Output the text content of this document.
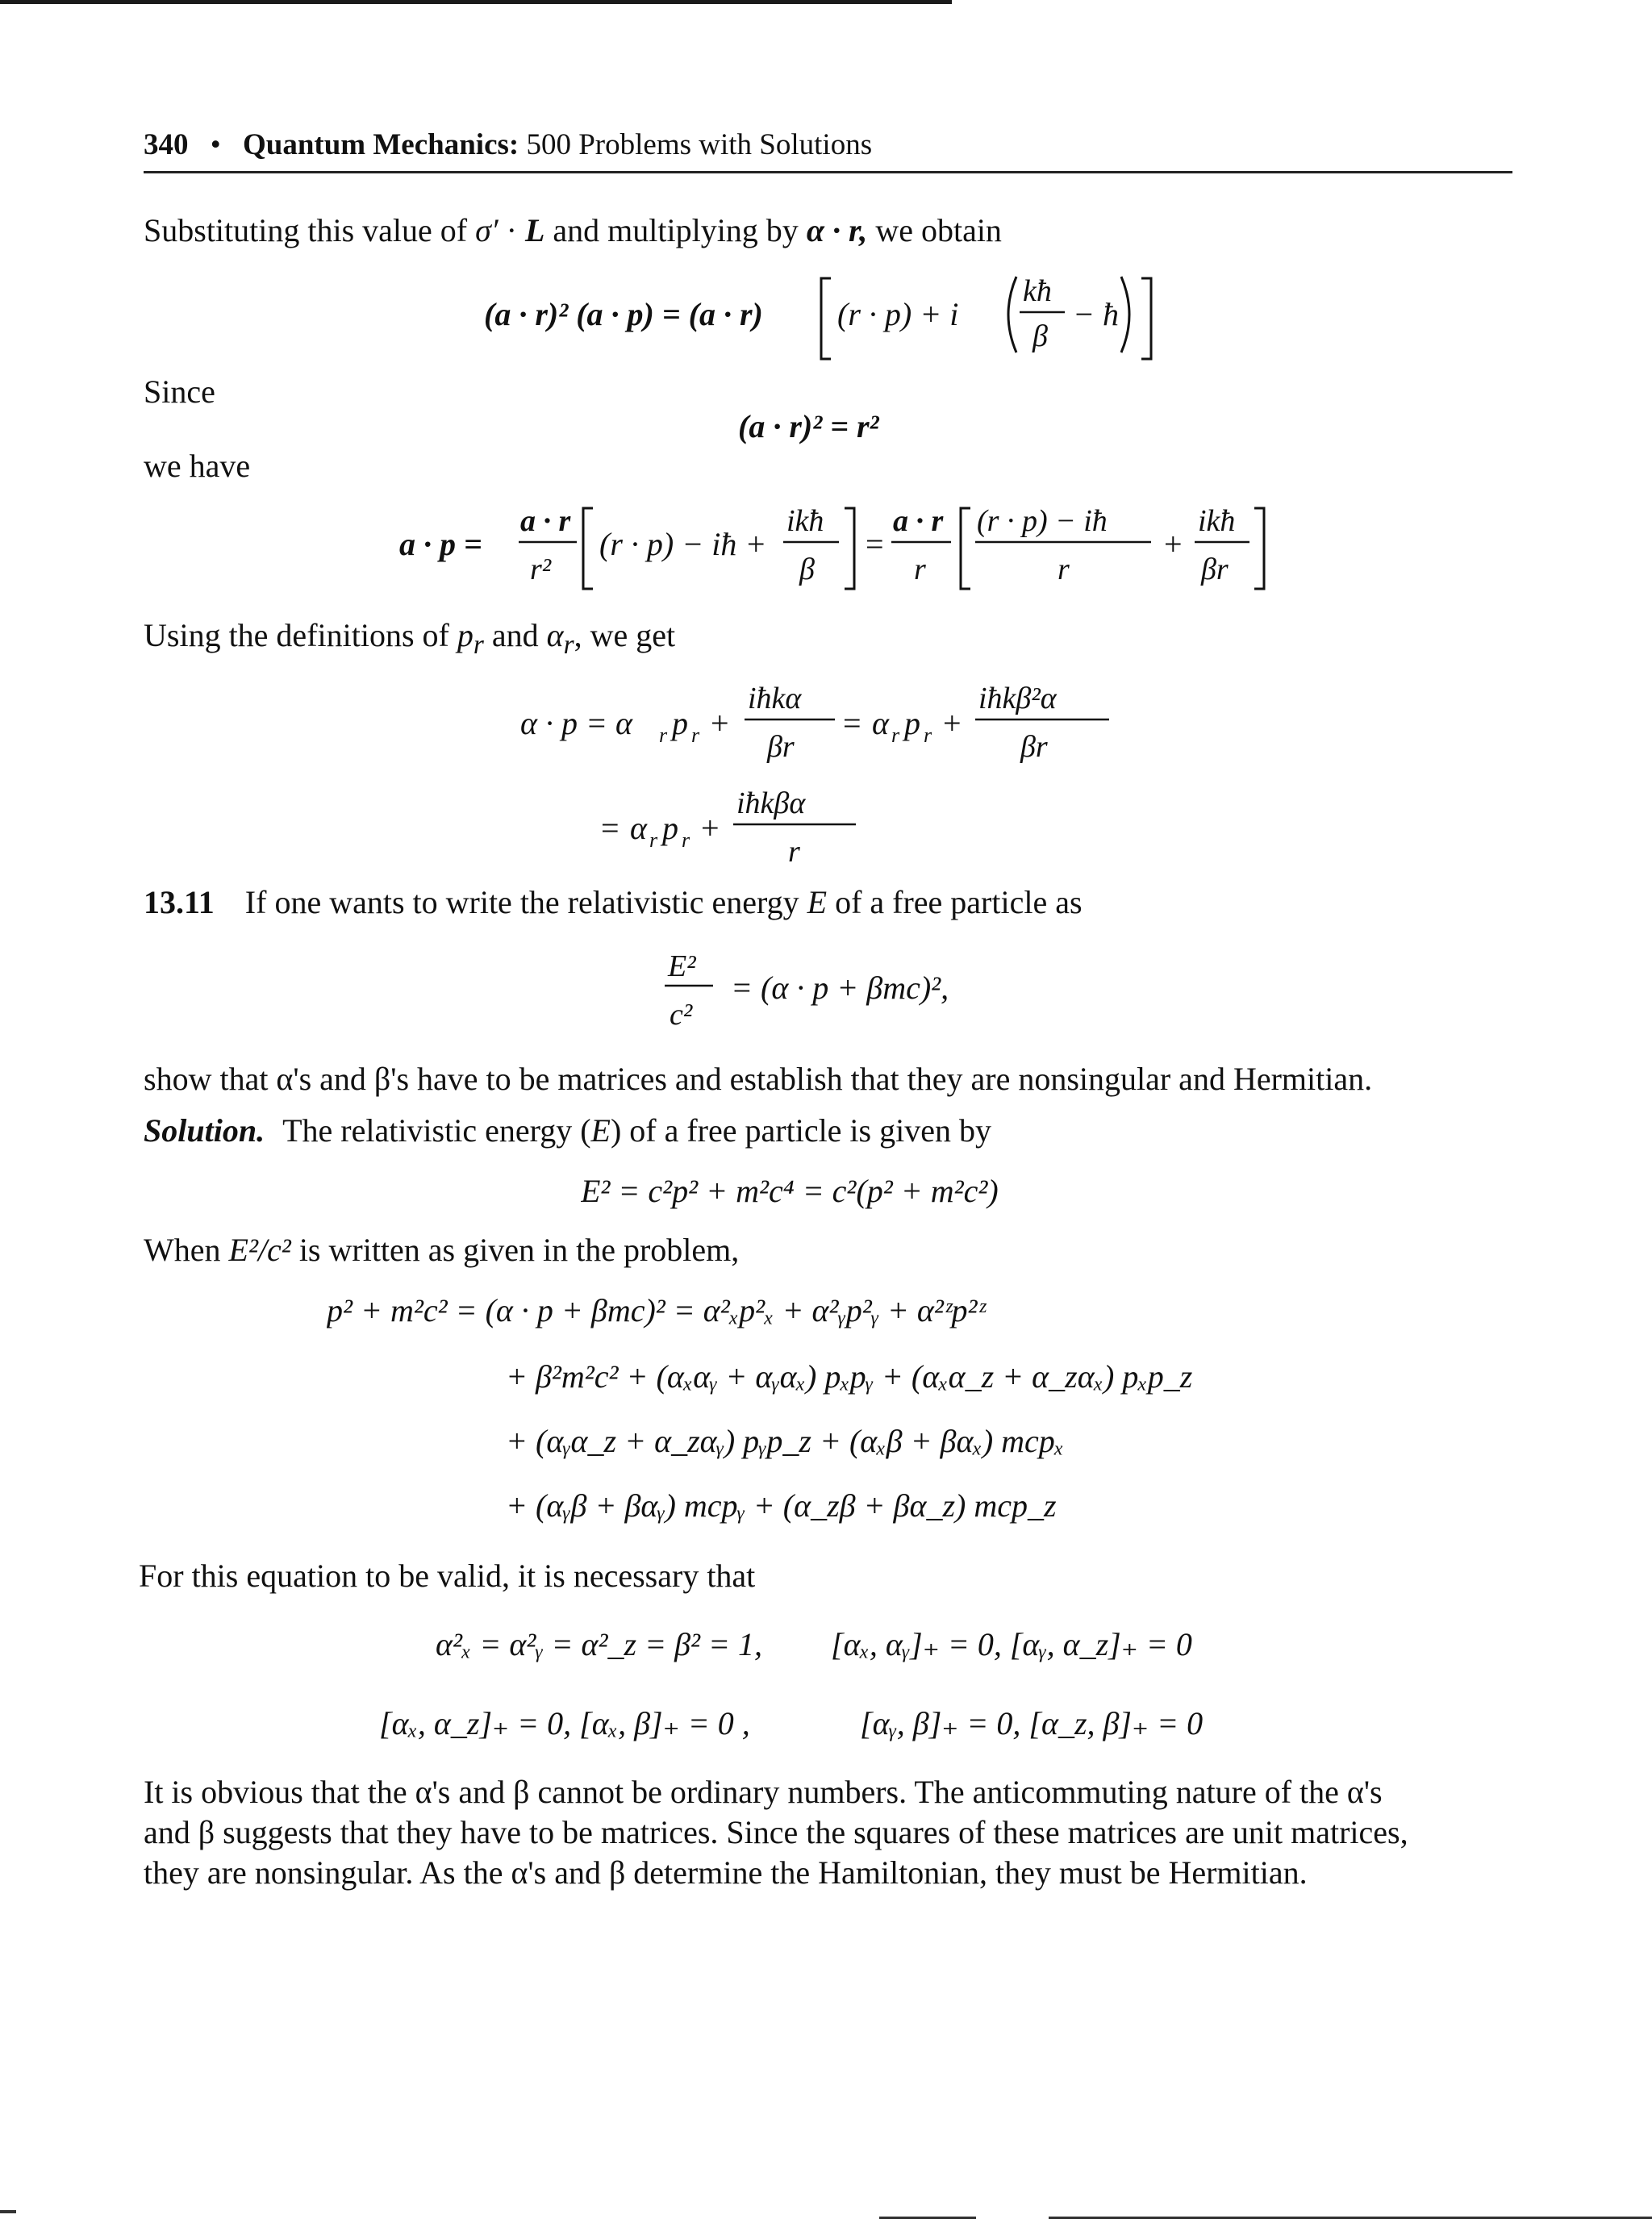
340 • Quantum Mechanics: 500 Problems with Solutions
Substituting this value of σ′ · L and multiplying by α · r, we obtain
(a · r)² (a · p) = (a · r) (r · p) + i
kħ
β
− ħ
Since
(a · r)² = r²
we have
a · p =
a · r
r²
(r · p) − iħ +
ikħ
β
=
a · r
r
(r · p) − iħ
r
+
ikħ
βr
Using the definitions of $p_r$ and $\alpha_r$, we get
α · p = α r p r +
iħkα
βr
= α r p r +
iħkβ²α
βr
= α r p r +
iħkβα
r
13.11 If one wants to write the relativistic energy E of a free particle as
E²
c²
= (α · p + βmc)²,
show that α's and β's have to be matrices and establish that they are nonsingular and Hermitian.
Solution. The relativistic energy (E) of a free particle is given by
E² = c²p² + m²c⁴ = c²(p² + m²c²)
When E²/c² is written as given in the problem,
p² + m²c² = (α · p + βmc)² = α²ₓp²ₓ + α²ᵧp²ᵧ + α²ᶻp²ᶻ
+ β²m²c² + (αₓαᵧ + αᵧαₓ) pₓpᵧ + (αₓα_z + α_zαₓ) pₓp_z
+ (αᵧα_z + α_zαᵧ) pᵧp_z + (αₓβ + βαₓ) mcpₓ
+ (αᵧβ + βαᵧ) mcpᵧ + (α_zβ + βα_z) mcp_z
For this equation to be valid, it is necessary that
α²ₓ = α²ᵧ = α²_z = β² = 1, [αₓ, αᵧ]₊ = 0, [αᵧ, α_z]₊ = 0
[αₓ, α_z]₊ = 0, [αₓ, β]₊ = 0 ,	[αᵧ, β]₊ = 0, [α_z, β]₊ = 0
It is obvious that the α's and β cannot be ordinary numbers. The anticommuting nature of the α's
and β suggests that they have to be matrices. Since the squares of these matrices are unit matrices,
they are nonsingular. As the α's and β determine the Hamiltonian, they must be Hermitian.
